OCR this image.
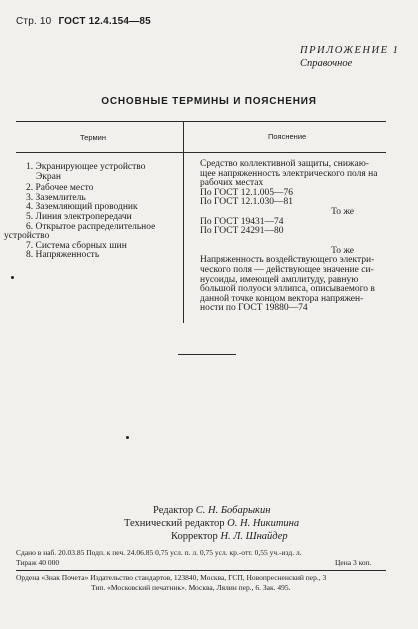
Стр. 10 ГОСТ 12.4.154—85
ПРИЛОЖЕНИЕ 1
Справочное
ОСНОВНЫЕ ТЕРМИНЫ И ПОЯСНЕНИЯ
Термин	Пояснение
1. Экранирующее устройство
Экран
2. Рабочее место
3. Заземлитель
4. Заземляющий проводник
5. Линия электропередачи
6. Открытое распределительное
устройство
7. Система сборных шин
8. Напряженность
Средство коллективной защиты, снижаю-
щее напряженность электрического поля на
рабочих местах
По ГОСТ 12.1.005—76
По ГОСТ 12.1.030—81
То же
По ГОСТ 19431—74
По ГОСТ 24291—80
То же
Напряженность воздействующего электри-
ческого поля — действующее значение си-
нусоиды, имеющей амплитуду, равную
большой полуоси эллипса, описываемого в
данной точке концом вектора напряжен-
ности по ГОСТ 19880—74
Редактор С. Н. Бобарыкин
Технический редактор О. Н. Никитина
Корректор Н. Л. Шнайдер
Сдано в наб. 20.03.85 Подп. к печ. 24.06.85 0,75 усл. п. л. 0,75 усл. кр.-отт. 0,55 уч.-изд. л.
Тираж 40 000	Цена 3 коп.
Ордена «Знак Почета» Издательство стандартов, 123840, Москва, ГСП, Новопресненский пер., 3
Тип. «Московский печатник». Москва, Лялин пер., 6. Зак. 495.
